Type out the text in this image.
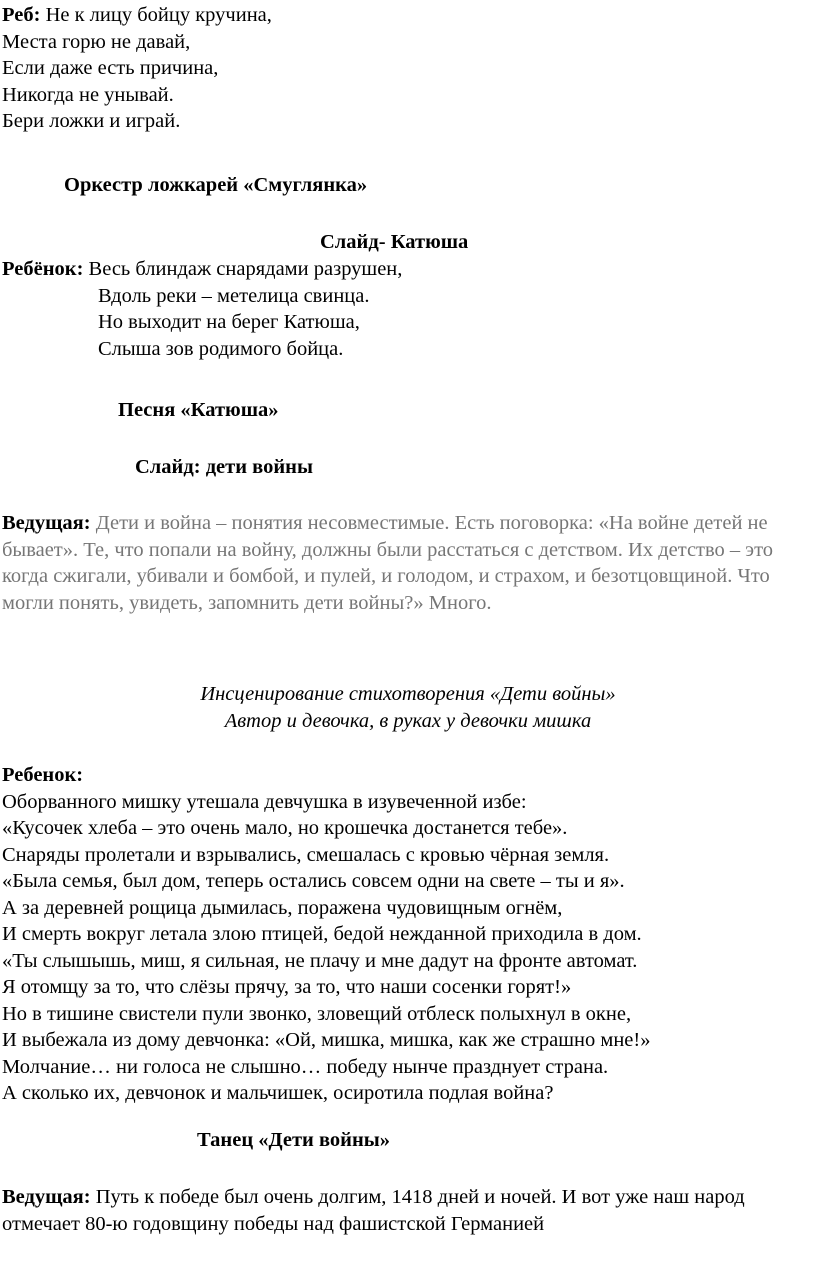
Реб: Не к лицу бойцу кручина,
Места горю не давай,
Если даже есть причина,
Никогда не унывай.
Бери ложки и играй.
Оркестр ложкарей «Смуглянка»
Слайд- Катюша
Ребёнок: Весь блиндаж снарядами разрушен,
Вдоль реки – метелица свинца.
Но выходит на берег Катюша,
Слыша зов родимого бойца.
Песня «Катюша»
Слайд: дети войны
Ведущая: Дети и война – понятия несовместимые. Есть поговорка: «На войне детей не бывает». Те, что попали на войну, должны были расстаться с детством. Их детство – это когда сжигали, убивали и бомбой, и пулей, и голодом, и страхом, и безотцовщиной. Что могли понять, увидеть, запомнить дети войны?» Много.
Инсценирование стихотворения «Дети войны»
Автор и девочка, в руках у девочки мишка
Ребенок:
Оборванного мишку утешала девчушка в изувеченной избе:
«Кусочек хлеба – это очень мало, но крошечка достанется тебе».
Снаряды пролетали и взрывались, смешалась с кровью чёрная земля.
«Была семья, был дом, теперь остались совсем одни на свете – ты и я».
А за деревней рощица дымилась, поражена чудовищным огнём,
И смерть вокруг летала злою птицей, бедой нежданной приходила в дом.
«Ты слышышь, миш, я сильная, не плачу и мне дадут на фронте автомат.
Я отомщу за то, что слёзы прячу, за то, что наши сосенки горят!»
Но в тишине свистели пули звонко, зловещий отблеск полыхнул в окне,
И выбежала из дому девчонка: «Ой, мишка, мишка, как же страшно мне!»
Молчание… ни голоса не слышно… победу нынче празднует страна.
А сколько их, девчонок и мальчишек, осиротила подлая война?
Танец «Дети войны»
Ведущая: Путь к победе был очень долгим, 1418 дней и ночей. И вот уже наш народ отмечает 80-ю годовщину победы над фашистской Германией
